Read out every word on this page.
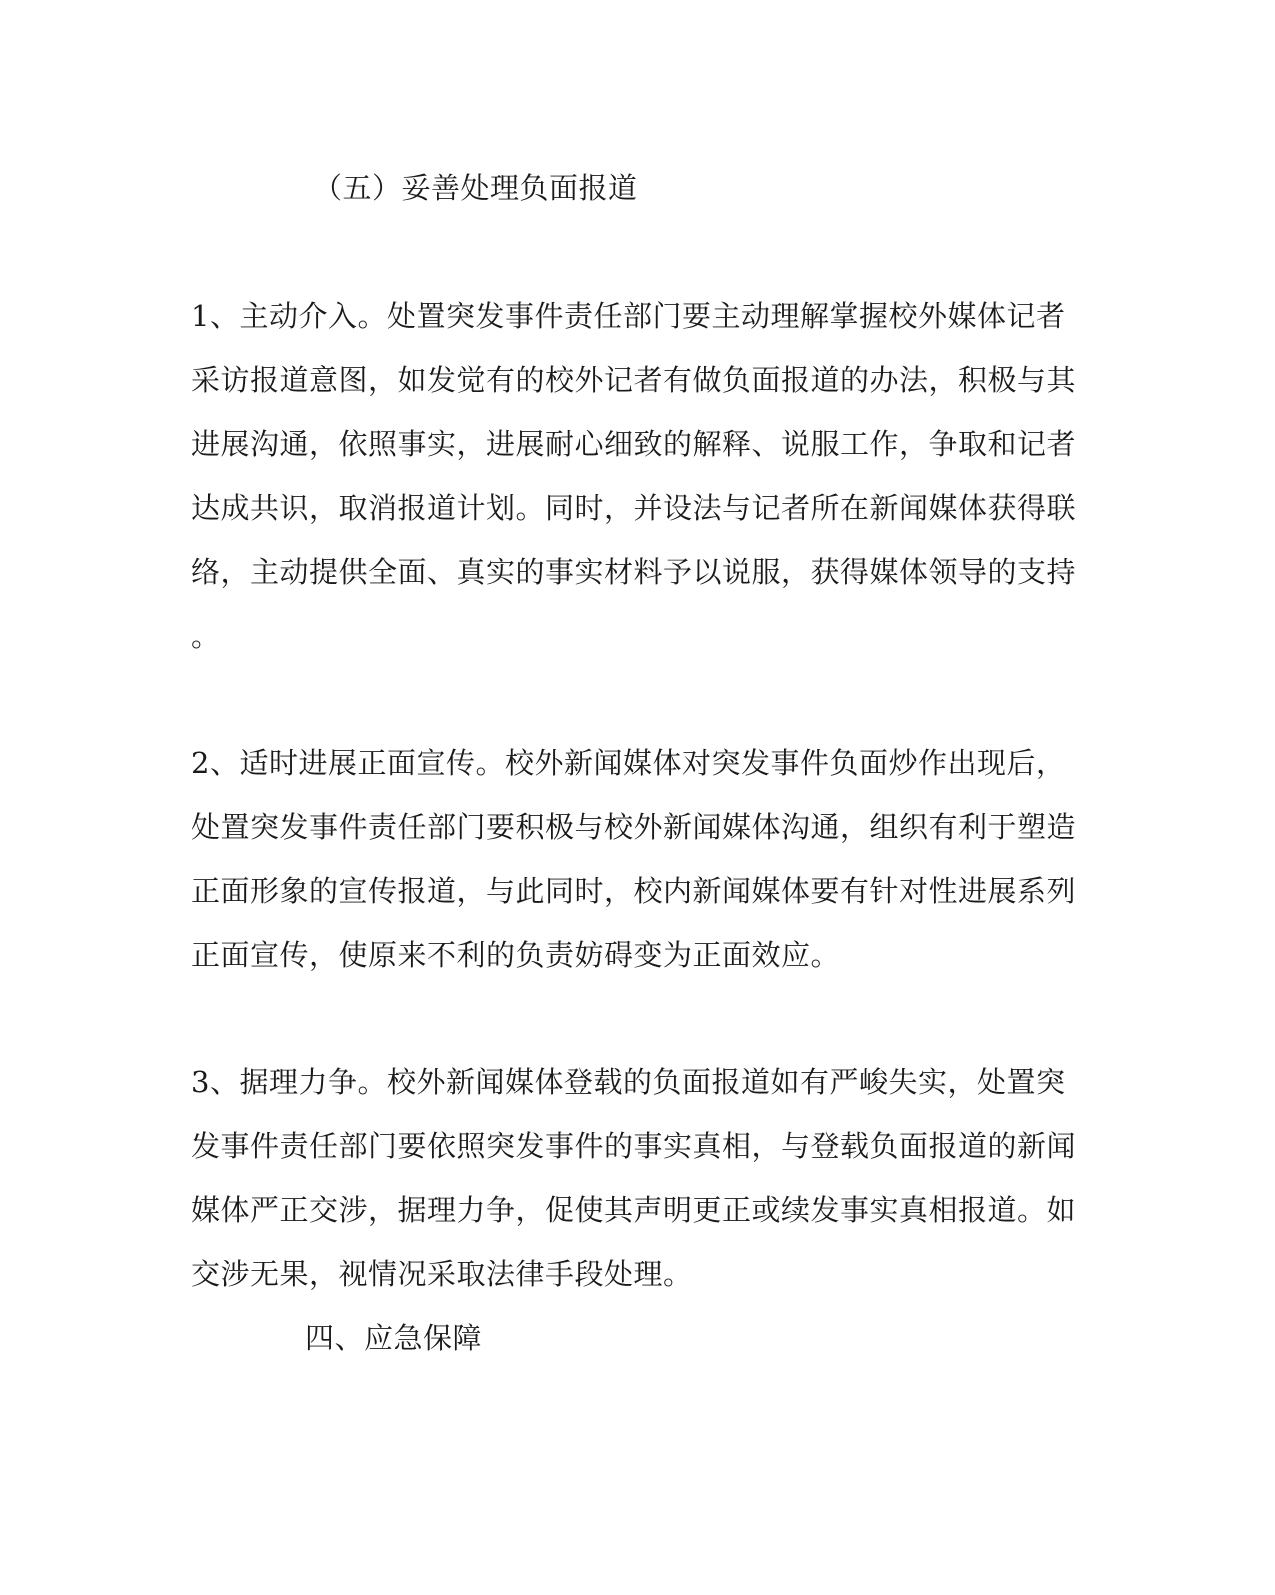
（五）妥善处理负面报道
1、主动介入。处置突发事件责任部门要主动理解掌握校外媒体记者
采访报道意图，如发觉有的校外记者有做负面报道的办法，积极与其
进展沟通，依照事实，进展耐心细致的解释、说服工作，争取和记者
达成共识，取消报道计划。同时，并设法与记者所在新闻媒体获得联
络，主动提供全面、真实的事实材料予以说服，获得媒体领导的支持
。
2、适时进展正面宣传。校外新闻媒体对突发事件负面炒作出现后，
处置突发事件责任部门要积极与校外新闻媒体沟通，组织有利于塑造
正面形象的宣传报道，与此同时，校内新闻媒体要有针对性进展系列
正面宣传，使原来不利的负责妨碍变为正面效应。
3、据理力争。校外新闻媒体登载的负面报道如有严峻失实，处置突
发事件责任部门要依照突发事件的事实真相，与登载负面报道的新闻
媒体严正交涉，据理力争，促使其声明更正或续发事实真相报道。如
交涉无果，视情况采取法律手段处理。
四、应急保障
